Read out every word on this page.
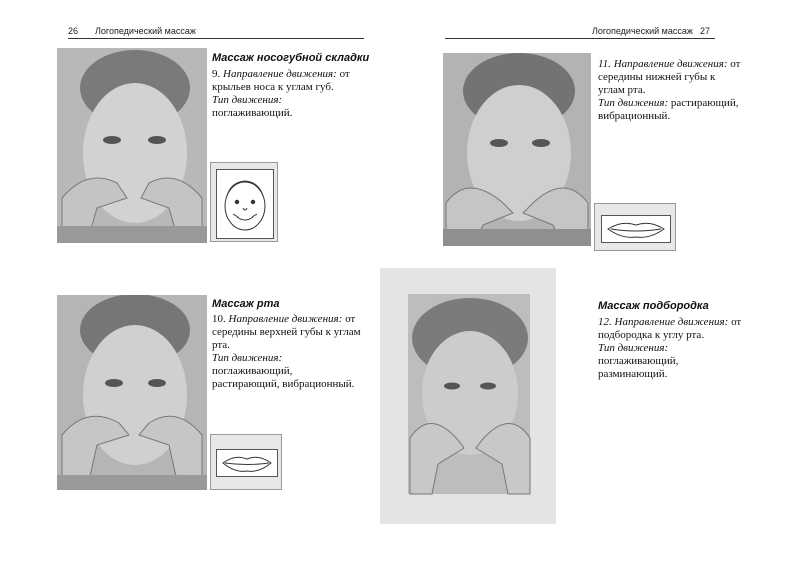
26 Логопедический массаж
Массаж носогубной складки

9. Направление движения: от крыльев носа к углам губ.

Тип движения: поглаживающий.

Массаж рта

10. Направление движения: от середины верхней губы к углам рта.

Тип движения: поглаживающий, растирающий, вибрационный.

Логопедический массаж 27

11. Направление движения: от середины нижней губы к углам рта.

Тип движения: растирающий, вибрационный.

Массаж подбородка

12. Направление движения: от подбородка к углу рта.

Тип движения: поглаживающий, разминающий.
